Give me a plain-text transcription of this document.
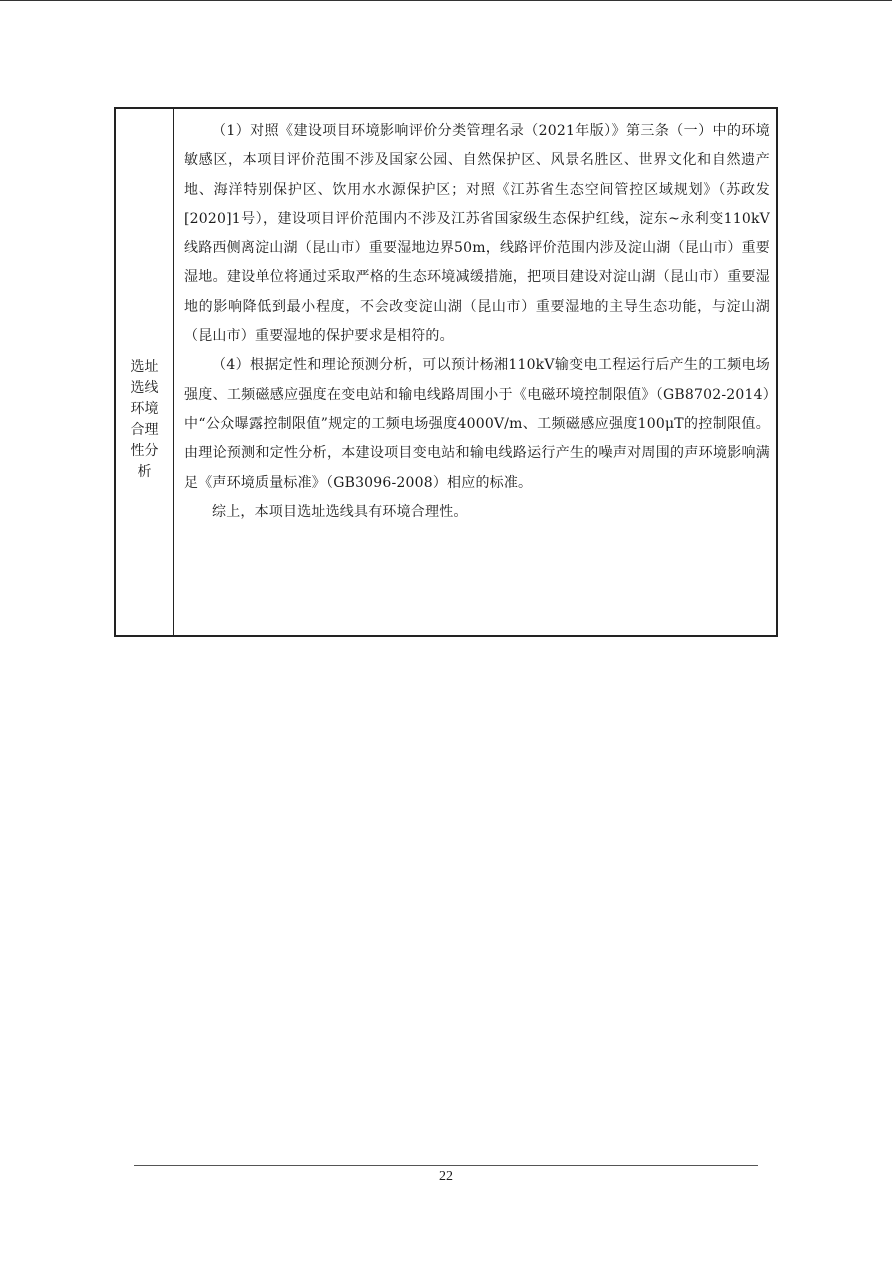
选址选线环境合理性分析

（1）对照《建设项目环境影响评价分类管理名录（2021年版）》第三条（一）中的环境敏感区，本项目评价范围不涉及国家公园、自然保护区、风景名胜区、世界文化和自然遗产地、海洋特别保护区、饮用水水源保护区；对照《江苏省生态空间管控区域规划》（苏政发[2020]1号），建设项目评价范围内不涉及江苏省国家级生态保护红线，淀东~永利变110kV线路西侧离淀山湖（昆山市）重要湿地边界50m，线路评价范围内涉及淀山湖（昆山市）重要湿地。建设单位将通过采取严格的生态环境减缓措施，把项目建设对淀山湖（昆山市）重要湿地的影响降低到最小程度，不会改变淀山湖（昆山市）重要湿地的主导生态功能，与淀山湖（昆山市）重要湿地的保护要求是相符的。

（4）根据定性和理论预测分析，可以预计杨湘110kV输变电工程运行后产生的工频电场强度、工频磁感应强度在变电站和输电线路周围小于《电磁环境控制限值》（GB8702-2014）中“公众曝露控制限值”规定的工频电场强度4000V/m、工频磁感应强度100μT的控制限值。由理论预测和定性分析，本建设项目变电站和输电线路运行产生的噪声对周围的声环境影响满足《声环境质量标准》（GB3096-2008）相应的标准。

综上，本项目选址选线具有环境合理性。

22
